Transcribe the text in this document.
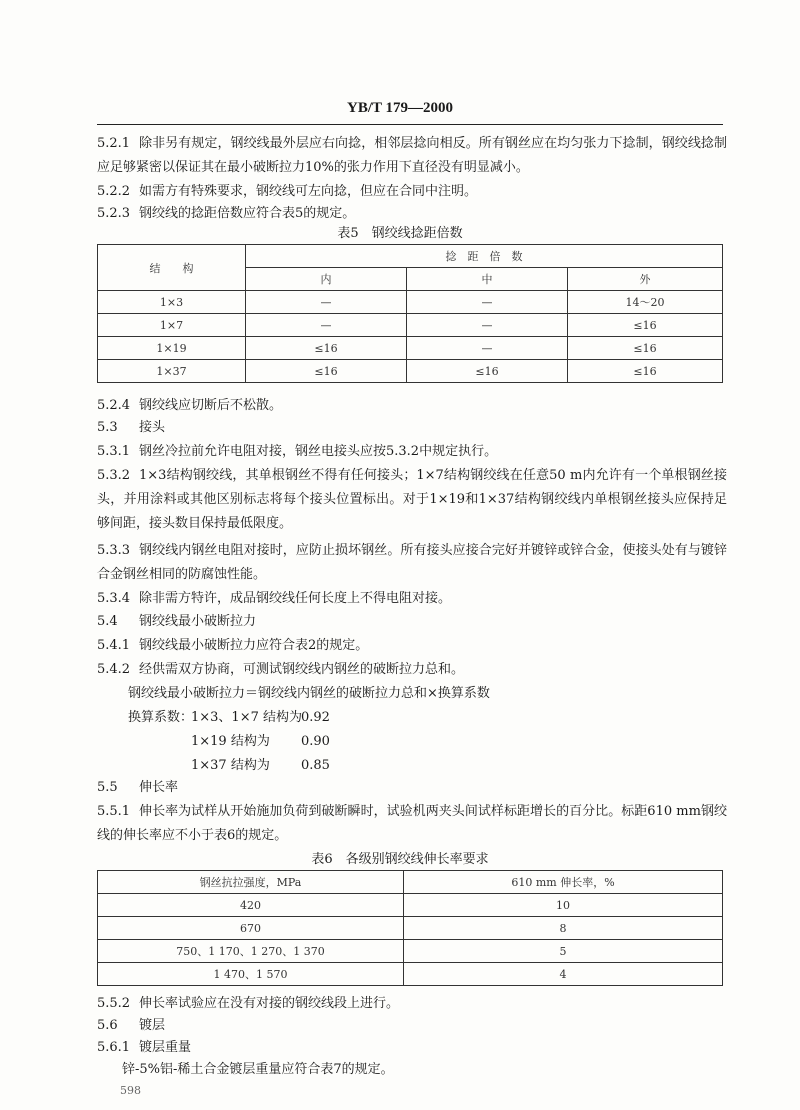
YB/T 179—2000
5.2.1 除非另有规定，钢绞线最外层应右向捻，相邻层捻向相反。所有钢丝应在均匀张力下捻制，钢绞线捻制应足够紧密以保证其在最小破断拉力10%的张力作用下直径没有明显减小。
5.2.2 如需方有特殊要求，钢绞线可左向捻，但应在合同中注明。
5.2.3 钢绞线的捻距倍数应符合表5的规定。
表5　钢绞线捻距倍数
结　　构	捻　距　倍　数		
	内	中	外
1×3	—	—	14～20
1×7	—	—	≤16
1×19	≤16	—	≤16
1×37	≤16	≤16	≤16
5.2.4 钢绞线应切断后不松散。
5.3 接头
5.3.1 钢丝冷拉前允许电阻对接，钢丝电接头应按5.3.2中规定执行。
5.3.2 1×3结构钢绞线，其单根钢丝不得有任何接头；1×7结构钢绞线在任意50 m内允许有一个单根钢丝接头，并用涂料或其他区别标志将每个接头位置标出。对于1×19和1×37结构钢绞线内单根钢丝接头应保持足够间距，接头数目保持最低限度。
5.3.3 钢绞线内钢丝电阻对接时，应防止损坏钢丝。所有接头应接合完好并镀锌或锌合金，使接头处有与镀锌合金钢丝相同的防腐蚀性能。
5.3.4 除非需方特许，成品钢绞线任何长度上不得电阻对接。
5.4 钢绞线最小破断拉力
5.4.1 钢绞线最小破断拉力应符合表2的规定。
5.4.2 经供需双方协商，可测试钢绞线内钢丝的破断拉力总和。
钢绞线最小破断拉力＝钢绞线内钢丝的破断拉力总和×换算系数
换算系数：
1×3、1×7 结构为
0.92
1×19 结构为 0.90
1×37 结构为 0.85
5.5 伸长率
5.5.1 伸长率为试样从开始施加负荷到破断瞬时，试验机两夹头间试样标距增长的百分比。标距610 mm钢绞线的伸长率应不小于表6的规定。
钢丝抗拉强度，MPa	610 mm 伸长率，%
420	10
670	8
750、1 170、1 270、1 370	5
1 470、1 570	4
表6　各级别钢绞线伸长率要求
5.5.2 伸长率试验应在没有对接的钢绞线段上进行。
5.6 镀层
5.6.1 镀层重量
锌-5%铝-稀土合金镀层重量应符合表7的规定。
598
